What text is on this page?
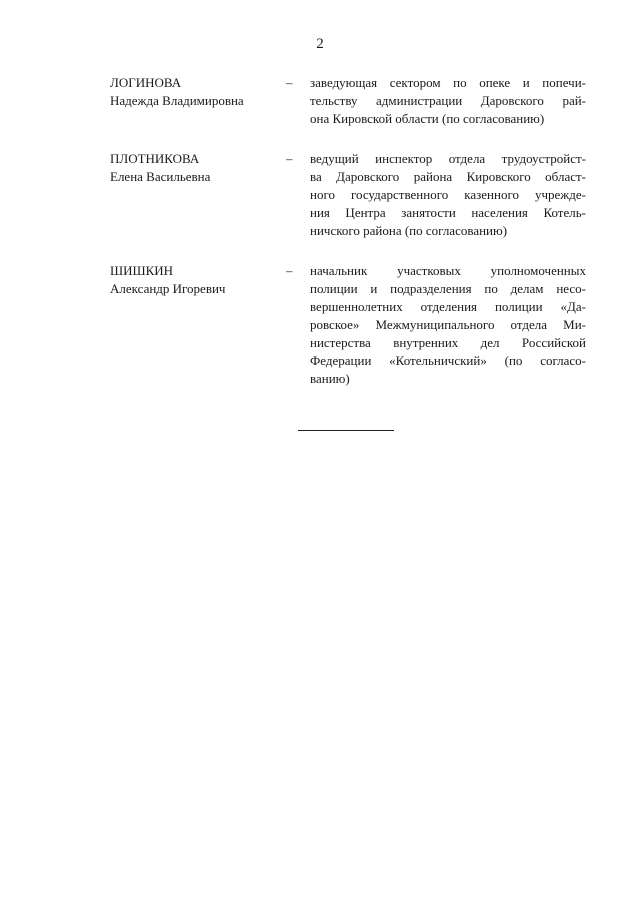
2
ЛОГИНОВА
Надежда Владимировна
– заведующая сектором по опеке и попечи-
тельству администрации Даровского рай-
она Кировской области (по согласованию)
ПЛОТНИКОВА
Елена Васильевна
– ведущий инспектор отдела трудоустройст-
ва Даровского района Кировского област-
ного государственного казенного учрежде-
ния Центра занятости населения Котель-
ничского района (по согласованию)
ШИШКИН
Александр Игоревич
– начальник участковых уполномоченных
полиции и подразделения по делам несо-
вершеннолетних отделения полиции «Да-
ровское» Межмуниципального отдела Ми-
нистерства внутренних дел Российской
Федерации «Котельничский» (по согласо-
ванию)
